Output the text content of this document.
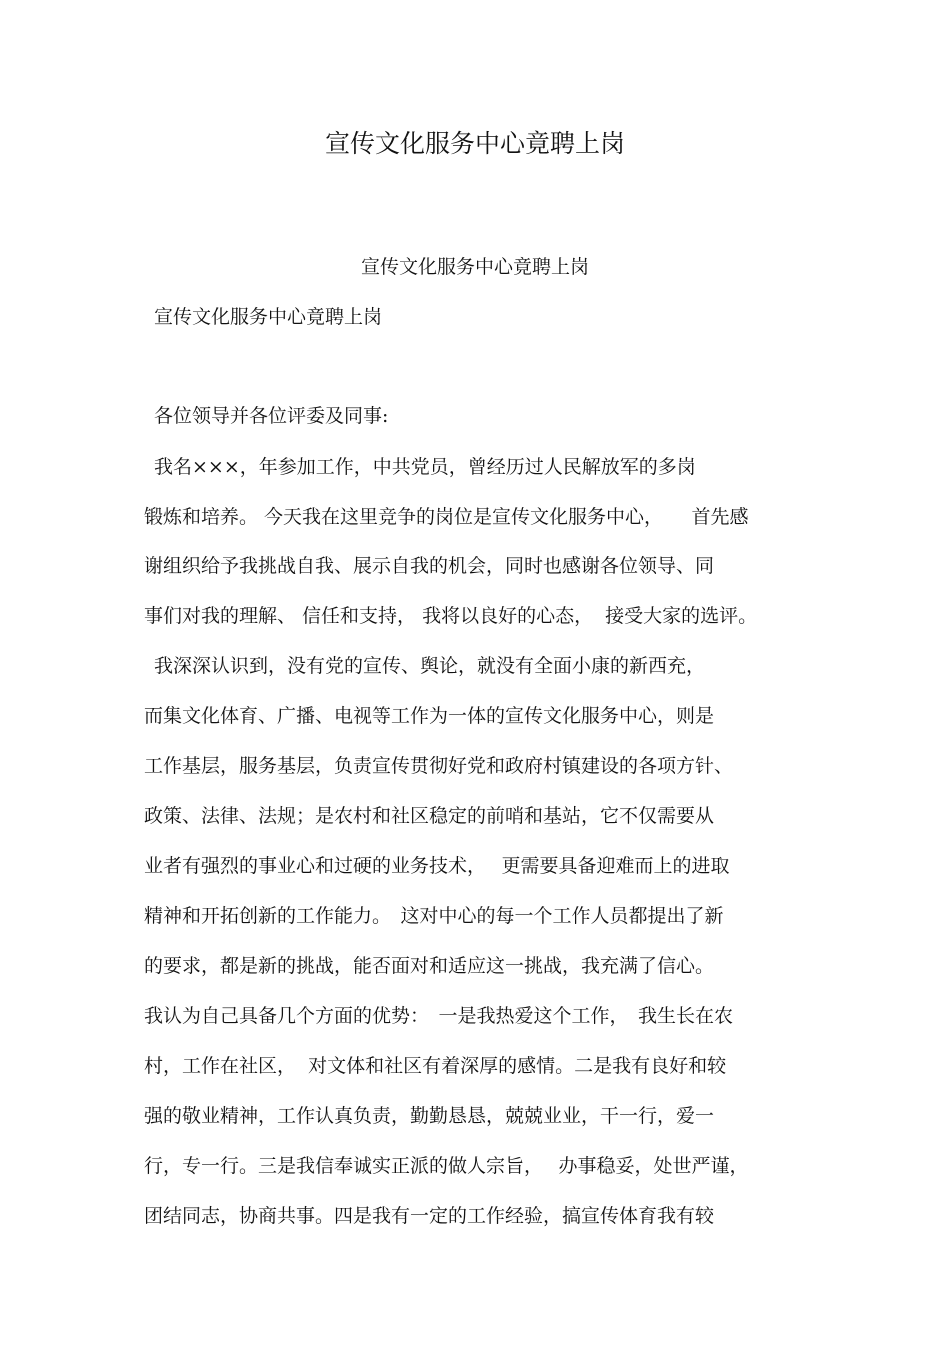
宣传文化服务中心竟聘上岗
宣传文化服务中心竟聘上岗
宣传文化服务中心竟聘上岗
各位领导并各位评委及同事:
我名×××，年参加工作，中共党员，曾经历过人民解放军的多岗
锻炼和培养。 今天我在这里竞争的岗位是宣传文化服务中心，　　首先感
谢组织给予我挑战自我、展示自我的机会，同时也感谢各位领导、同
事们对我的理解、 信任和支持， 我将以良好的心态，  接受大家的选评。
我深深认识到，没有党的宣传、舆论，就没有全面小康的新西充，
而集文化体育、广播、电视等工作为一体的宣传文化服务中心，则是
工作基层，服务基层，负责宣传贯彻好党和政府村镇建设的各项方针、
政策、法律、法规；是农村和社区稳定的前哨和基站，它不仅需要从
业者有强烈的事业心和过硬的业务技术，　 更需要具备迎难而上的进取
精神和开拓创新的工作能力。　这对中心的每一个工作人员都提出了新
的要求，都是新的挑战，能否面对和适应这一挑战，我充满了信心。
我认为自己具备几个方面的优势：　一是我热爱这个工作，　我生长在农
村，工作在社区，  对文体和社区有着深厚的感情。二是我有良好和较
强的敬业精神，工作认真负责，勤勤恳恳，兢兢业业，干一行，爱一
行，专一行。三是我信奉诚实正派的做人宗旨，　 办事稳妥，处世严谨，
团结同志，协商共事。四是我有一定的工作经验，搞宣传体育我有较
